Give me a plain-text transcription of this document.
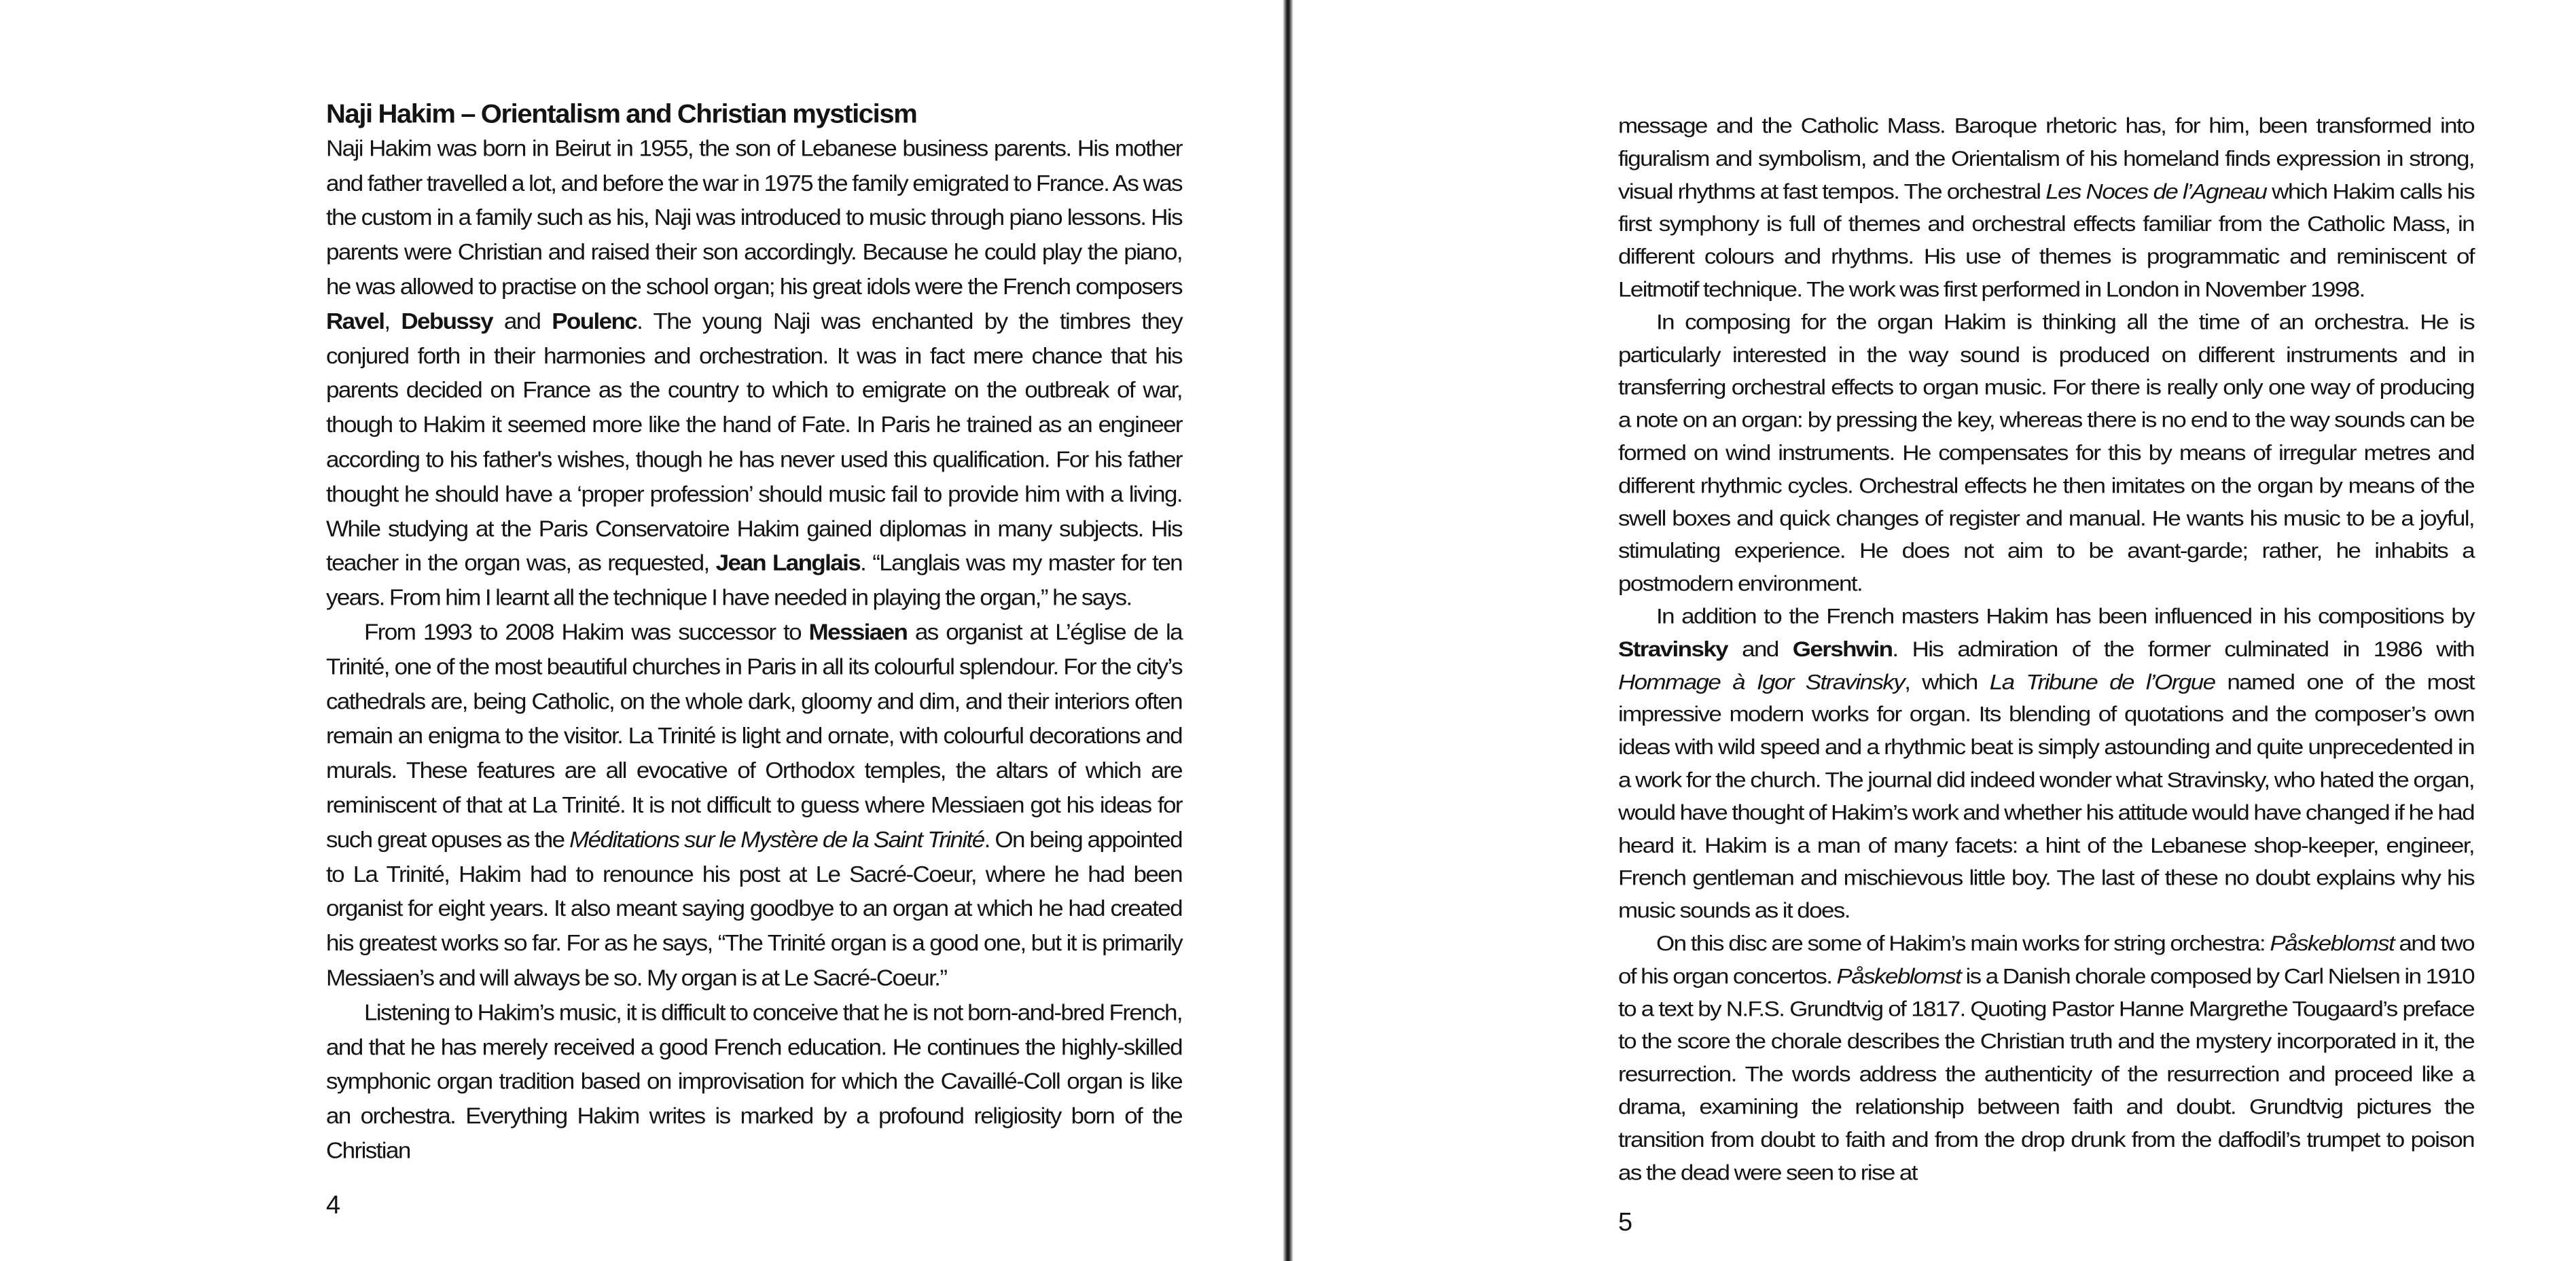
Naji Hakim – Orientalism and Christian mysticism

Naji Hakim was born in Beirut in 1955, the son of Lebanese business parents. His mother and father travelled a lot, and before the war in 1975 the family emigrated to France. As was the custom in a family such as his, Naji was introduced to music through piano lessons. His parents were Christian and raised their son accordingly. Because he could play the piano, he was allowed to practise on the school organ; his great idols were the French composers Ravel, Debussy and Poulenc. The young Naji was enchanted by the timbres they conjured forth in their harmonies and orchestration. It was in fact mere chance that his parents decided on France as the country to which to emigrate on the outbreak of war, though to Hakim it seemed more like the hand of Fate. In Paris he trained as an engineer according to his father's wishes, though he has never used this qualification. For his father thought he should have a ‘proper profession’ should music fail to provide him with a living. While studying at the Paris Conservatoire Hakim gained diplomas in many subjects. His teacher in the organ was, as requested, Jean Langlais. “Langlais was my master for ten years. From him I learnt all the technique I have needed in playing the organ,” he says.

From 1993 to 2008 Hakim was successor to Messiaen as organist at L’église de la Trinité, one of the most beautiful churches in Paris in all its colourful splendour. For the city’s cathedrals are, being Catholic, on the whole dark, gloomy and dim, and their interiors often remain an enigma to the visitor. La Trinité is light and ornate, with colourful decorations and murals. These features are all evocative of Orthodox temples, the altars of which are reminiscent of that at La Trinité. It is not difficult to guess where Messiaen got his ideas for such great opuses as the Méditations sur le Mystère de la Saint Trinité. On being appointed to La Trinité, Hakim had to renounce his post at Le Sacré-Coeur, where he had been organist for eight years. It also meant saying goodbye to an organ at which he had created his greatest works so far. For as he says, “The Trinité organ is a good one, but it is primarily Messiaen’s and will always be so. My organ is at Le Sacré-Coeur.”

Listening to Hakim’s music, it is difficult to conceive that he is not born-and-bred French, and that he has merely received a good French education. He continues the highly-skilled symphonic organ tradition based on improvisation for which the Cavaillé-Coll organ is like an orchestra. Everything Hakim writes is marked by a profound religiosity born of the Christian

4

message and the Catholic Mass. Baroque rhetoric has, for him, been transformed into figuralism and symbolism, and the Orientalism of his homeland finds expression in strong, visual rhythms at fast tempos. The orchestral Les Noces de l’Agneau which Hakim calls his first symphony is full of themes and orchestral effects familiar from the Catholic Mass, in different colours and rhythms. His use of themes is programmatic and reminiscent of Leitmotif technique. The work was first performed in London in November 1998.

In composing for the organ Hakim is thinking all the time of an orchestra. He is particularly interested in the way sound is produced on different instruments and in transferring orchestral effects to organ music. For there is really only one way of producing a note on an organ: by pressing the key, whereas there is no end to the way sounds can be formed on wind instruments. He compensates for this by means of irregular metres and different rhythmic cycles. Orchestral effects he then imitates on the organ by means of the swell boxes and quick changes of register and manual. He wants his music to be a joyful, stimulating experience. He does not aim to be avant-garde; rather, he inhabits a postmodern environment.

In addition to the French masters Hakim has been influenced in his compositions by Stravinsky and Gershwin. His admiration of the former culminated in 1986 with Hommage à Igor Stravinsky, which La Tribune de l’Orgue named one of the most impressive modern works for organ. Its blending of quotations and the composer’s own ideas with wild speed and a rhythmic beat is simply astounding and quite unprecedented in a work for the church. The journal did indeed wonder what Stravinsky, who hated the organ, would have thought of Hakim’s work and whether his attitude would have changed if he had heard it. Hakim is a man of many facets: a hint of the Lebanese shop-keeper, engineer, French gentleman and mischievous little boy. The last of these no doubt explains why his music sounds as it does.

On this disc are some of Hakim’s main works for string orchestra: Påskeblomst and two of his organ concertos. Påskeblomst is a Danish chorale composed by Carl Nielsen in 1910 to a text by N.F.S. Grundtvig of 1817. Quoting Pastor Hanne Margrethe Tougaard’s preface to the score the chorale describes the Christian truth and the mystery incorporated in it, the resurrection. The words address the authenticity of the resurrection and proceed like a drama, examining the relationship between faith and doubt. Grundtvig pictures the transition from doubt to faith and from the drop drunk from the daffodil’s trumpet to poison as the dead were seen to rise at

5
